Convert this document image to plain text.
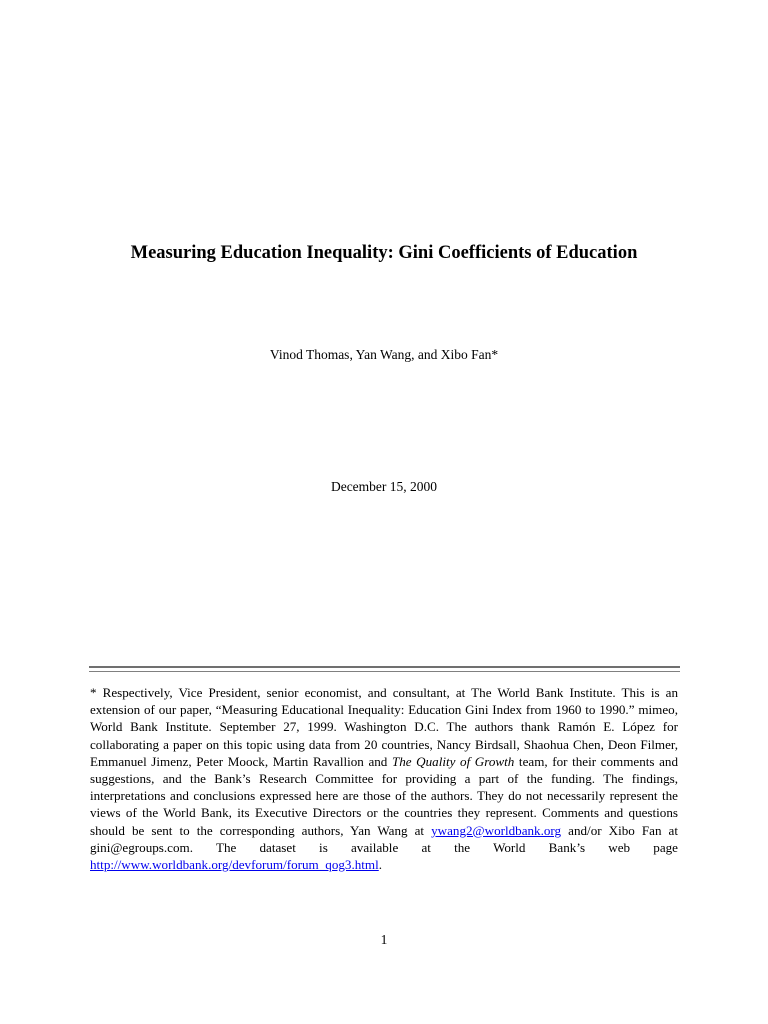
Measuring Education Inequality: Gini Coefficients of Education
Vinod Thomas, Yan Wang, and Xibo Fan*
December 15, 2000
* Respectively, Vice President, senior economist, and consultant, at The World Bank Institute. This is an extension of our paper, “Measuring Educational Inequality: Education Gini Index from 1960 to 1990.” mimeo, World Bank Institute. September 27, 1999. Washington D.C. The authors thank Ramón E. López for collaborating a paper on this topic using data from 20 countries, Nancy Birdsall, Shaohua Chen, Deon Filmer, Emmanuel Jimenz, Peter Moock, Martin Ravallion and The Quality of Growth team, for their comments and suggestions, and the Bank’s Research Committee for providing a part of the funding. The findings, interpretations and conclusions expressed here are those of the authors. They do not necessarily represent the views of the World Bank, its Executive Directors or the countries they represent. Comments and questions should be sent to the corresponding authors, Yan Wang at ywang2@worldbank.org and/or Xibo Fan at gini@egroups.com. The dataset is available at the World Bank’s web page http://www.worldbank.org/devforum/forum_qog3.html.
1
